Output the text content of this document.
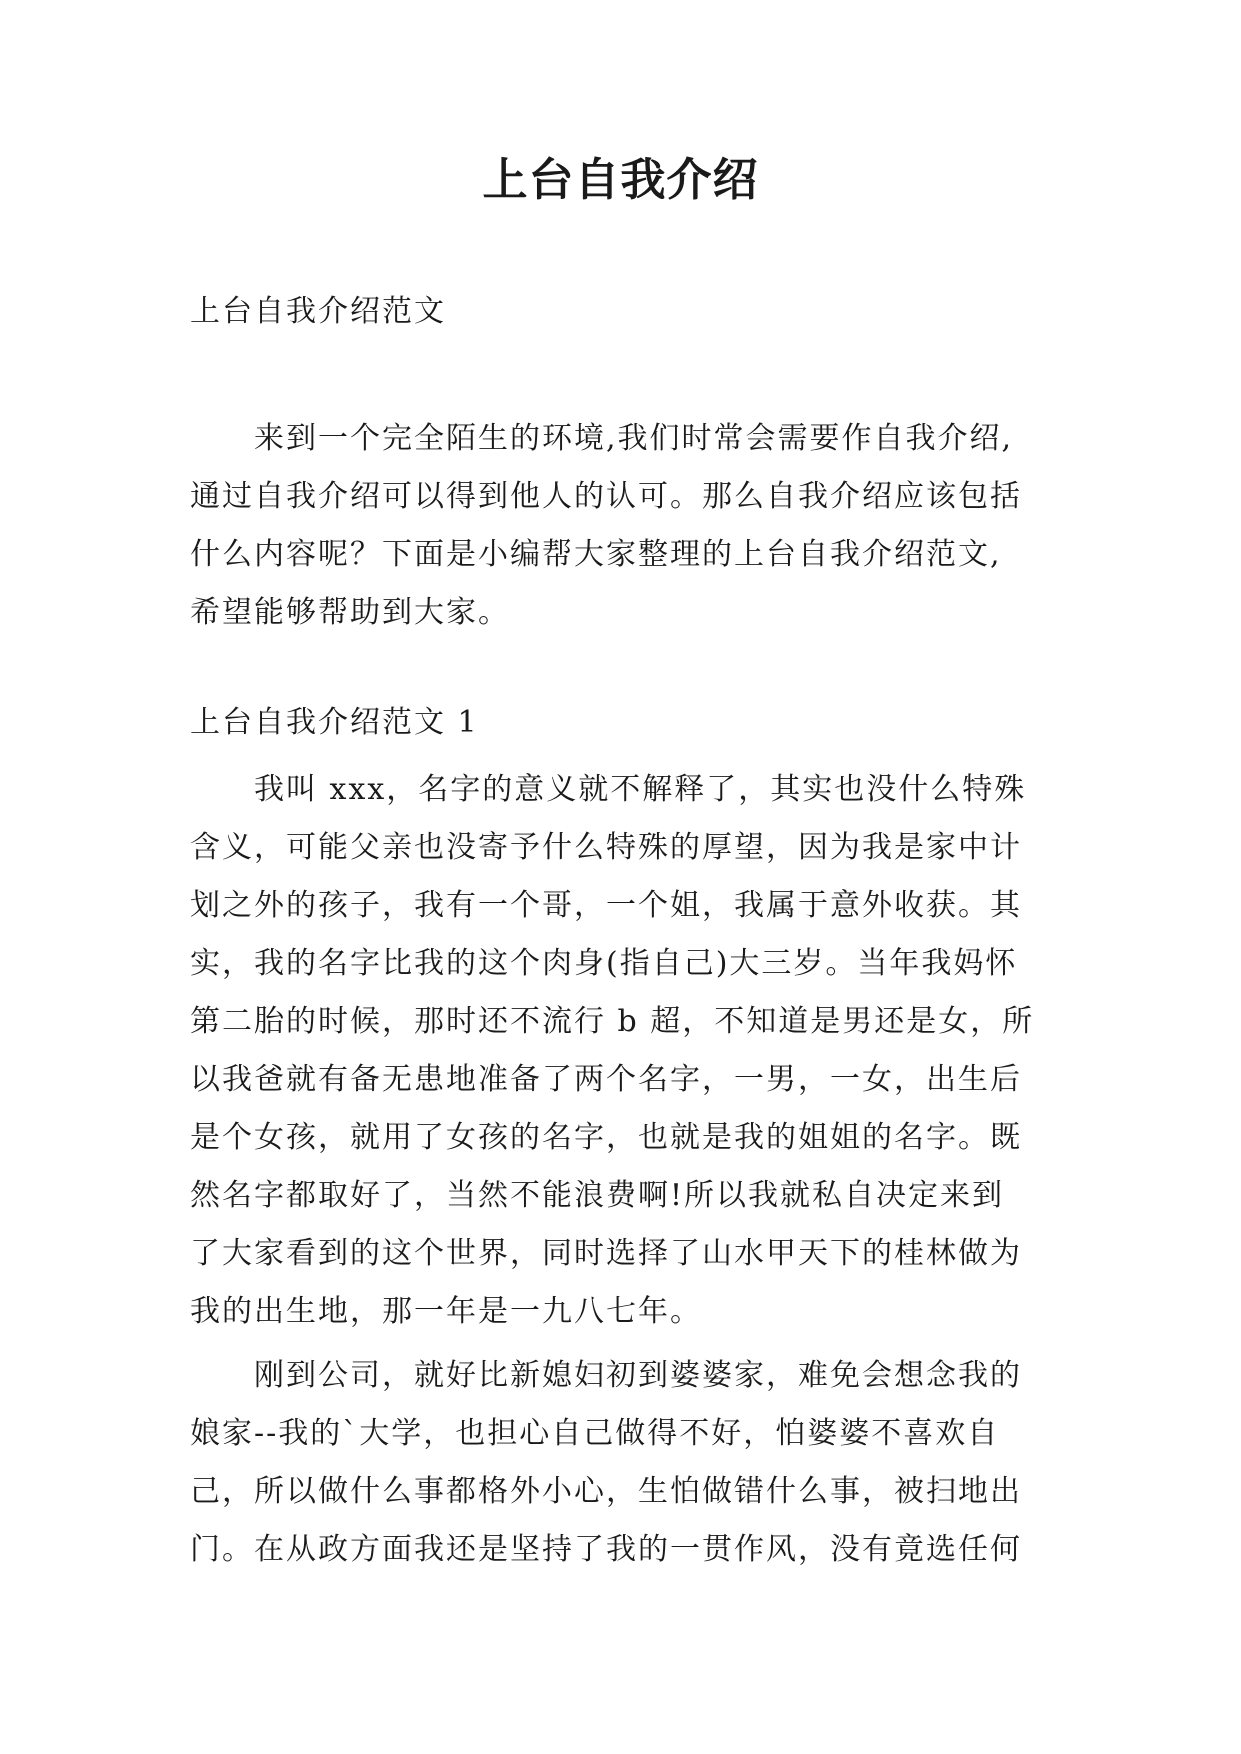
上台自我介绍

上台自我介绍范文

来到一个完全陌生的环境,我们时常会需要作自我介绍,
通过自我介绍可以得到他人的认可。那么自我介绍应该包括
什么内容呢？下面是小编帮大家整理的上台自我介绍范文,
希望能够帮助到大家。

上台自我介绍范文 1

我叫 xxx，名字的意义就不解释了，其实也没什么特殊
含义，可能父亲也没寄予什么特殊的厚望，因为我是家中计
划之外的孩子，我有一个哥，一个姐，我属于意外收获。其
实，我的名字比我的这个肉身(指自己)大三岁。当年我妈怀
第二胎的时候，那时还不流行 b 超，不知道是男还是女，所
以我爸就有备无患地准备了两个名字，一男，一女，出生后
是个女孩，就用了女孩的名字，也就是我的姐姐的名字。既
然名字都取好了，当然不能浪费啊!所以我就私自决定来到
了大家看到的这个世界，同时选择了山水甲天下的桂林做为
我的出生地，那一年是一九八七年。

刚到公司，就好比新媳妇初到婆婆家，难免会想念我的
娘家--我的`大学，也担心自己做得不好，怕婆婆不喜欢自
己，所以做什么事都格外小心，生怕做错什么事，被扫地出
门。在从政方面我还是坚持了我的一贯作风，没有竟选任何
